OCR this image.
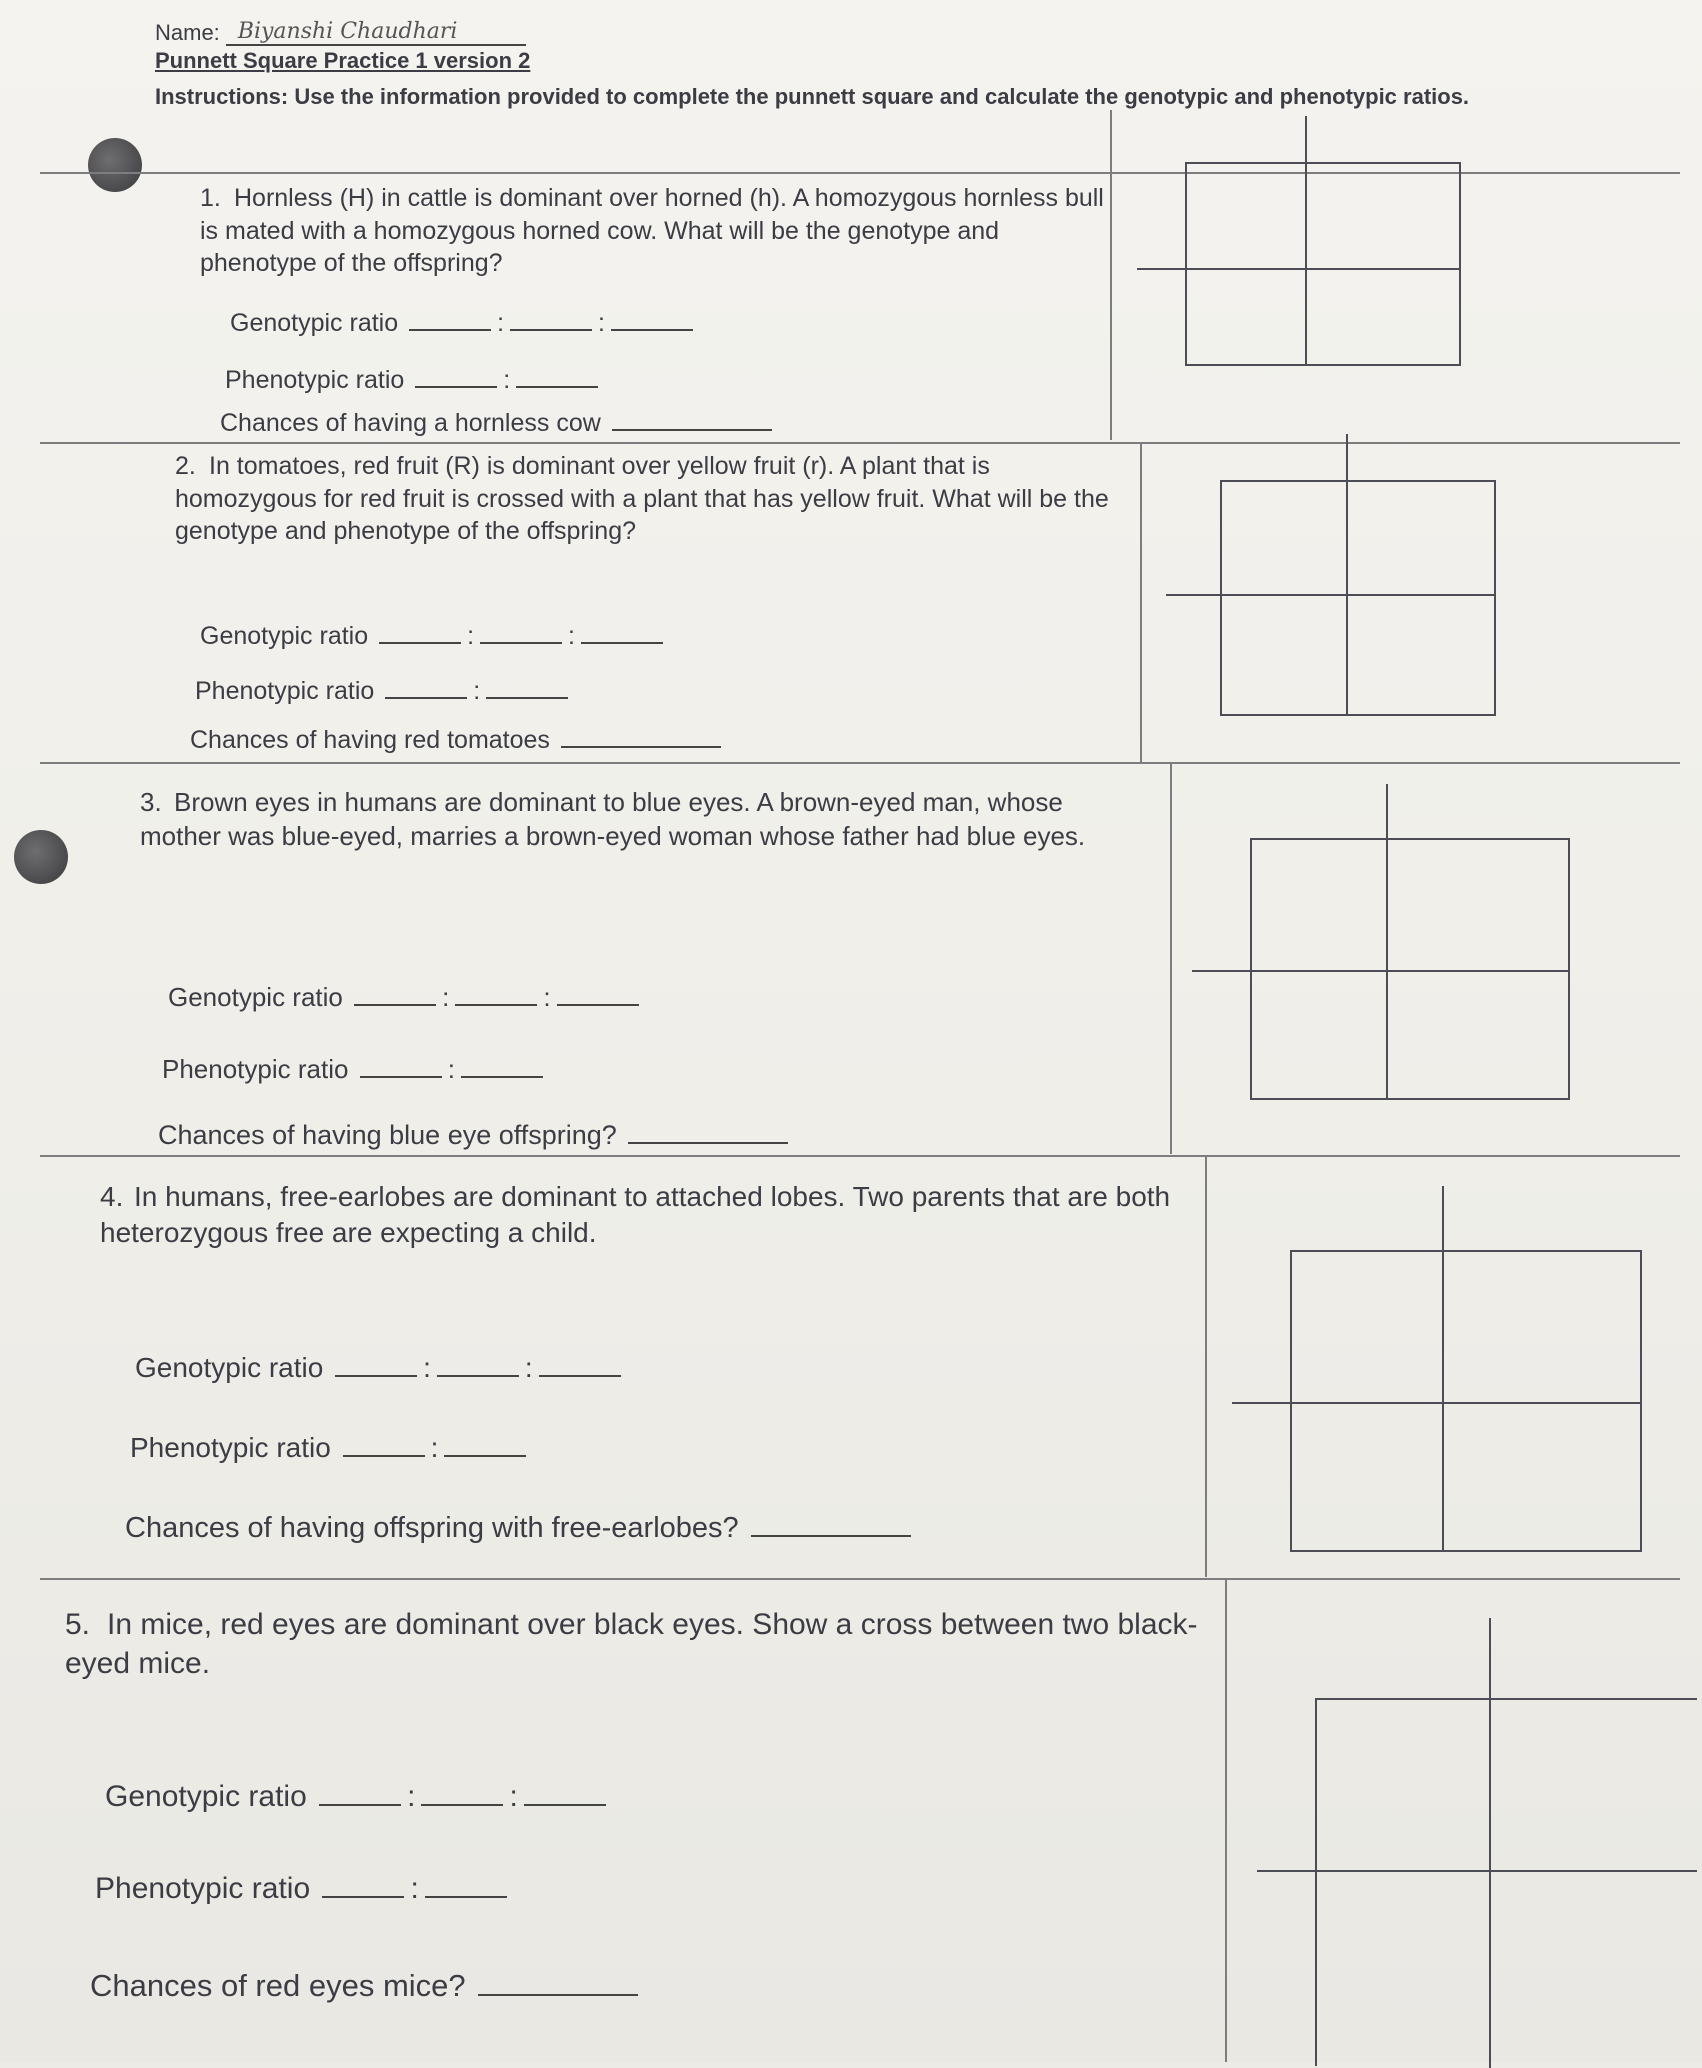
Name: Biyanshi Chaudhari
Punnett Square Practice 1 version 2
Instructions: Use the information provided to complete the punnett square and calculate the genotypic and phenotypic ratios.
1. Hornless (H) in cattle is dominant over horned (h). A homozygous hornless bull is mated with a homozygous horned cow. What will be the genotype and phenotype of the offspring?
Genotypic ratio	:	:
Phenotypic ratio	:
Chances of having a hornless cow
2. In tomatoes, red fruit (R) is dominant over yellow fruit (r). A plant that is homozygous for red fruit is crossed with a plant that has yellow fruit. What will be the genotype and phenotype of the offspring?
Genotypic ratio	:	:
Phenotypic ratio	:
Chances of having red tomatoes
3. Brown eyes in humans are dominant to blue eyes. A brown-eyed man, whose mother was blue-eyed, marries a brown-eyed woman whose father had blue eyes.
Genotypic ratio	:	:
Phenotypic ratio	:
Chances of having blue eye offspring?
4. In humans, free-earlobes are dominant to attached lobes. Two parents that are both heterozygous free are expecting a child.
Genotypic ratio	:	:
Phenotypic ratio	:
Chances of having offspring with free-earlobes?
5. In mice, red eyes are dominant over black eyes. Show a cross between two black-eyed mice.
Genotypic ratio	:	:
Phenotypic ratio	:
Chances of red eyes mice?
